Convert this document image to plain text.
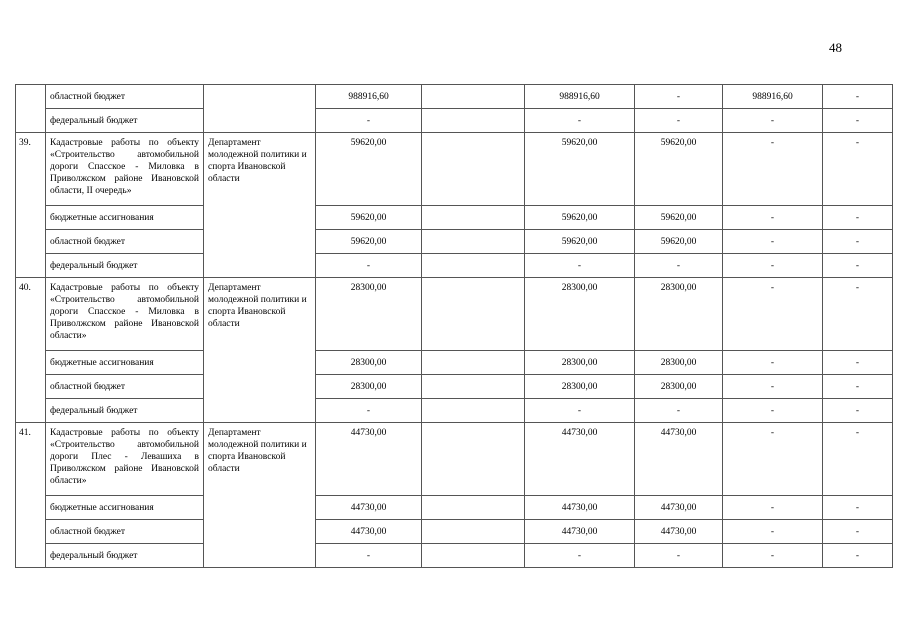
48
	областной бюджет		988916,60		988916,60	-	988916,60	-
	федеральный бюджет		-		-	-	-	-
39.	Кадастровые работы по объекту «Строительство автомобильной дороги Спасское - Миловка в Приволжском районе Ивановской области, II очередь»	Департамент молодежной политики и спорта Ивановской области	59620,00		59620,00	59620,00	-	-
	бюджетные ассигнования		59620,00		59620,00	59620,00	-	-
	областной бюджет		59620,00		59620,00	59620,00	-	-
	федеральный бюджет		-		-	-	-	-
40.	Кадастровые работы по объекту «Строительство автомобильной дороги Спасское - Миловка в Приволжском районе Ивановской области»	Департамент молодежной политики и спорта Ивановской области	28300,00		28300,00	28300,00	-	-
	бюджетные ассигнования		28300,00		28300,00	28300,00	-	-
	областной бюджет		28300,00		28300,00	28300,00	-	-
	федеральный бюджет		-		-	-	-	-
41.	Кадастровые работы по объекту «Строительство автомобильной дороги Плес - Левашиха в Приволжском районе Ивановской области»	Департамент молодежной политики и спорта Ивановской области	44730,00		44730,00	44730,00	-	-
	бюджетные ассигнования		44730,00		44730,00	44730,00	-	-
	областной бюджет		44730,00		44730,00	44730,00	-	-
	федеральный бюджет		-		-	-	-	-
